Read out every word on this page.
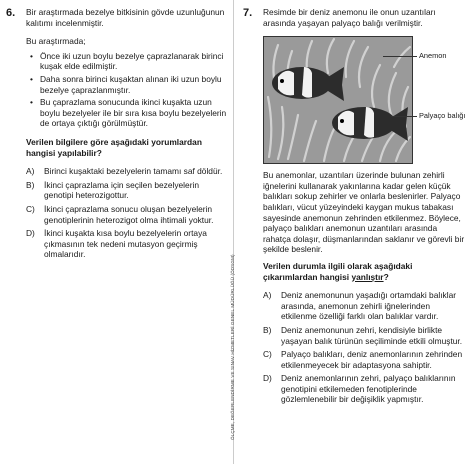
6.	Bir araştırmada bezelye bitkisinin gövde uzunluğunun kalıtımı incelenmiştir.

Bu araştırmada;

• Önce iki uzun boylu bezelye çaprazlanarak birinci kuşak elde edilmiştir.
• Daha sonra birinci kuşaktan alınan iki uzun boylu bezelye çaprazlanmıştır.
• Bu çaprazlama sonucunda ikinci kuşakta uzun boylu bezelyeler ile bir sıra kısa boylu bezelyelerin de ortaya çıktığı görülmüştür.

Verilen bilgilere göre aşağıdaki yorumlardan hangisi yapılabilir?

A)	Birinci kuşaktaki bezelyelerin tamamı saf döldür.
B)	İkinci çaprazlama için seçilen bezelyelerin genotipi heterozigottur.
C)	İkinci çaprazlama sonucu oluşan bezelyelerin genotiplerinin heterozigot olma ihtimali yoktur.
D)	İkinci kuşakta kısa boylu bezelyelerin ortaya çıkmasının tek nedeni mutasyon geçirmiş olmalarıdır.
ÖLÇME, DEĞERLENDİRME VE SINAV HİZMETLERİ GENEL MÜDÜRLÜĞÜ (ÖDSGM)
7.	Resimde bir deniz anemonu ile onun uzantıları arasında yaşayan palyaço balığı verilmiştir.

Anemon
Palyaço balığı

Bu anemonlar, uzantıları üzerinde bulunan zehirli iğnelerini kullanarak yakınlarına kadar gelen küçük balıkları sokup zehirler ve onlarla beslenirler. Palyaço balıkları, vücut yüzeyindeki kaygan mukus tabakası sayesinde anemonun zehrinden etkilenmez. Böylece, palyaço balıkları anemonun uzantıları arasında rahatça dolaşır, düşmanlarından saklanır ve görevli bir şekilde beslenir.

Verilen durumla ilgili olarak aşağıdaki çıkarımlardan hangisi yanlıştır?

A)	Deniz anemonunun yaşadığı ortamdaki balıklar arasında, anemonun zehirli iğnelerinden etkilenme özelliği farklı olan balıklar vardır.
B)	Deniz anemonunun zehri, kendisiyle birlikte yaşayan balık türünün seçiliminde etkili olmuştur.
C)	Palyaço balıkları, deniz anemonlarının zehrinden etkilenmeyecek bir adaptasyona sahiptir.
D)	Deniz anemonlarının zehri, palyaço balıklarının genotipini etkilemeden fenotiplerinde gözlemlenebilir bir değişiklik yapmıştır.
